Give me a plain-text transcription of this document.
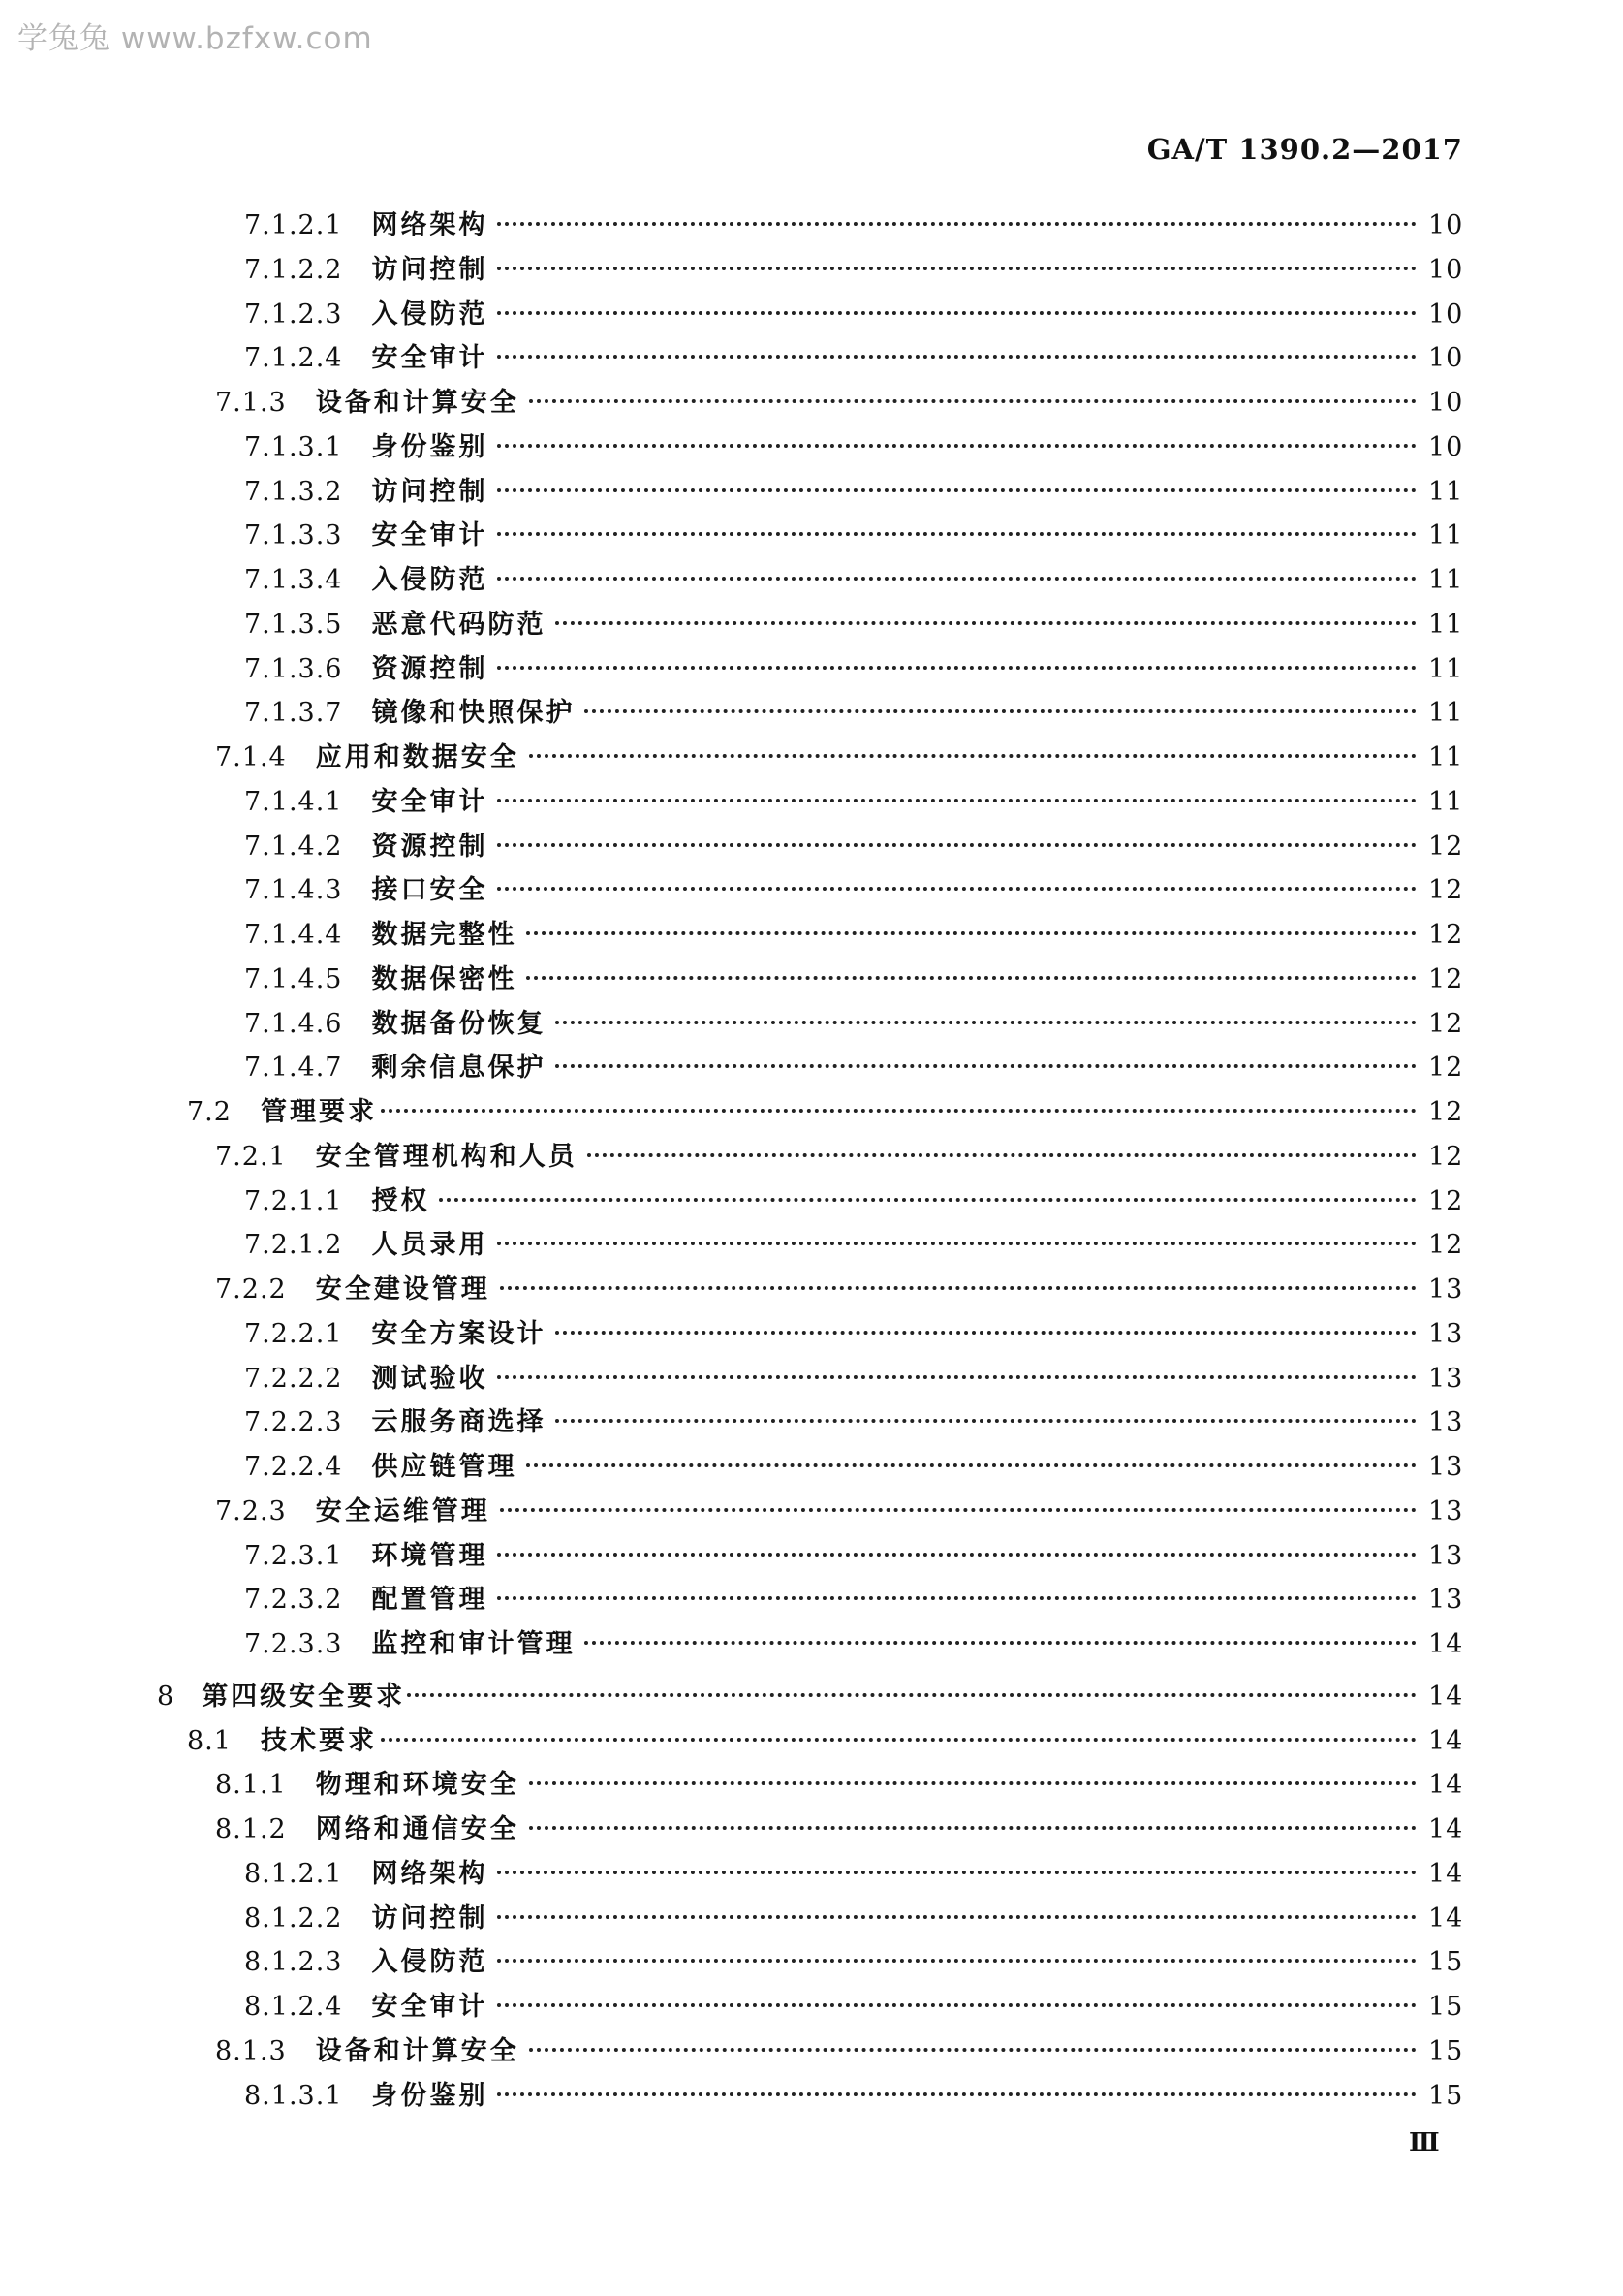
学兔兔 www.bzfxw.com
GA/T 1390.2—2017
7.1.2.1 网络架构	10
7.1.2.2 访问控制	10
7.1.2.3 入侵防范	10
7.1.2.4 安全审计	10
7.1.3 设备和计算安全	10
7.1.3.1 身份鉴别	10
7.1.3.2 访问控制	11
7.1.3.3 安全审计	11
7.1.3.4 入侵防范	11
7.1.3.5 恶意代码防范	11
7.1.3.6 资源控制	11
7.1.3.7 镜像和快照保护	11
7.1.4 应用和数据安全	11
7.1.4.1 安全审计	11
7.1.4.2 资源控制	12
7.1.4.3 接口安全	12
7.1.4.4 数据完整性	12
7.1.4.5 数据保密性	12
7.1.4.6 数据备份恢复	12
7.1.4.7 剩余信息保护	12
7.2 管理要求	12
7.2.1 安全管理机构和人员	12
7.2.1.1 授权	12
7.2.1.2 人员录用	12
7.2.2 安全建设管理	13
7.2.2.1 安全方案设计	13
7.2.2.2 测试验收	13
7.2.2.3 云服务商选择	13
7.2.2.4 供应链管理	13
7.2.3 安全运维管理	13
7.2.3.1 环境管理	13
7.2.3.2 配置管理	13
7.2.3.3 监控和审计管理	14
8 第四级安全要求	14
8.1 技术要求	14
8.1.1 物理和环境安全	14
8.1.2 网络和通信安全	14
8.1.2.1 网络架构	14
8.1.2.2 访问控制	14
8.1.2.3 入侵防范	15
8.1.2.4 安全审计	15
8.1.3 设备和计算安全	15
8.1.3.1 身份鉴别	15
Ⅲ
